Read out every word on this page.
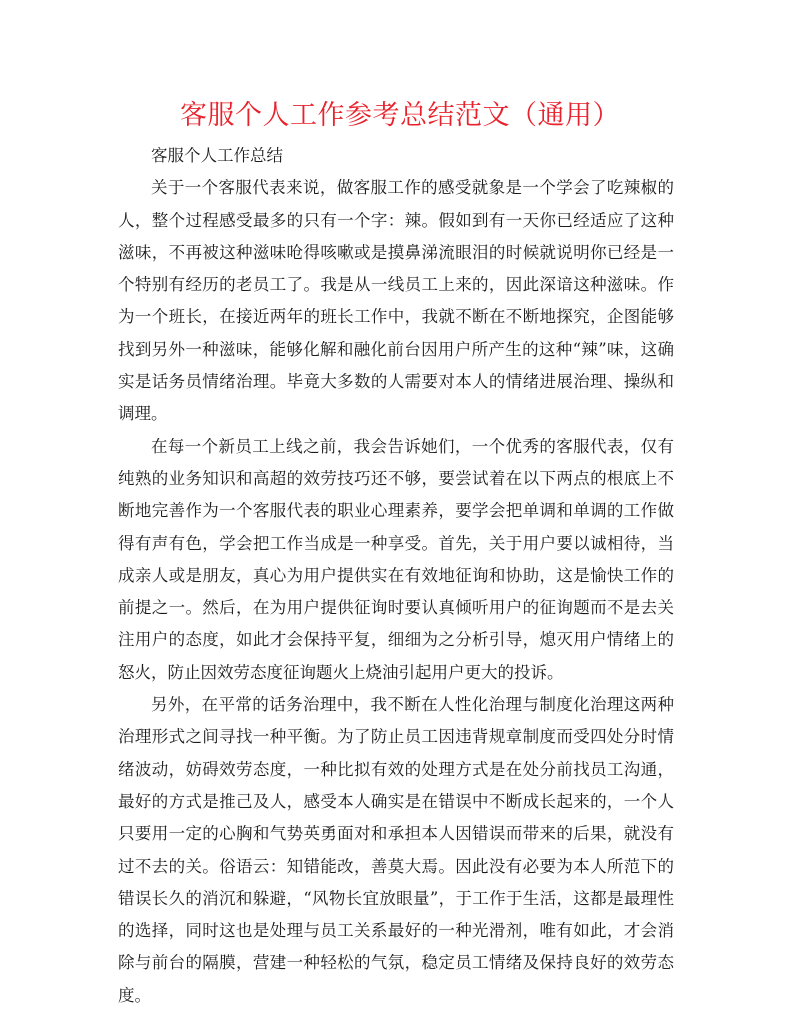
客服个人工作参考总结范文（通用）

客服个人工作总结

关于一个客服代表来说，做客服工作的感受就象是一个学会了吃辣椒的人，整个过程感受最多的只有一个字：辣。假如到有一天你已经适应了这种滋味，不再被这种滋味呛得咳嗽或是摸鼻涕流眼泪的时候就说明你已经是一个特别有经历的老员工了。我是从一线员工上来的，因此深谙这种滋味。作为一个班长，在接近两年的班长工作中，我就不断在不断地探究，企图能够找到另外一种滋味，能够化解和融化前台因用户所产生的这种“辣”味，这确实是话务员情绪治理。毕竟大多数的人需要对本人的情绪进展治理、操纵和调理。

在每一个新员工上线之前，我会告诉她们，一个优秀的客服代表，仅有纯熟的业务知识和高超的效劳技巧还不够，要尝试着在以下两点的根底上不断地完善作为一个客服代表的职业心理素养，要学会把单调和单调的工作做得有声有色，学会把工作当成是一种享受。首先，关于用户要以诚相待，当成亲人或是朋友，真心为用户提供实在有效地征询和协助，这是愉快工作的前提之一。然后，在为用户提供征询时要认真倾听用户的征询题而不是去关注用户的态度，如此才会保持平复，细细为之分析引导，熄灭用户情绪上的怒火，防止因效劳态度征询题火上烧油引起用户更大的投诉。

另外，在平常的话务治理中，我不断在人性化治理与制度化治理这两种治理形式之间寻找一种平衡。为了防止员工因违背规章制度而受四处分时情绪波动，妨碍效劳态度，一种比拟有效的处理方式是在处分前找员工沟通，最好的方式是推己及人，感受本人确实是在错误中不断成长起来的，一个人只要用一定的心胸和气势英勇面对和承担本人因错误而带来的后果，就没有过不去的关。俗语云：知错能改，善莫大焉。因此没有必要为本人所范下的错误长久的消沉和躲避，“风物长宜放眼量”，于工作于生活，这都是最理性的选择，同时这也是处理与员工关系最好的一种光滑剂，唯有如此，才会消除与前台的隔膜，营建一种轻松的气氛，稳定员工情绪及保持良好的效劳态度。
